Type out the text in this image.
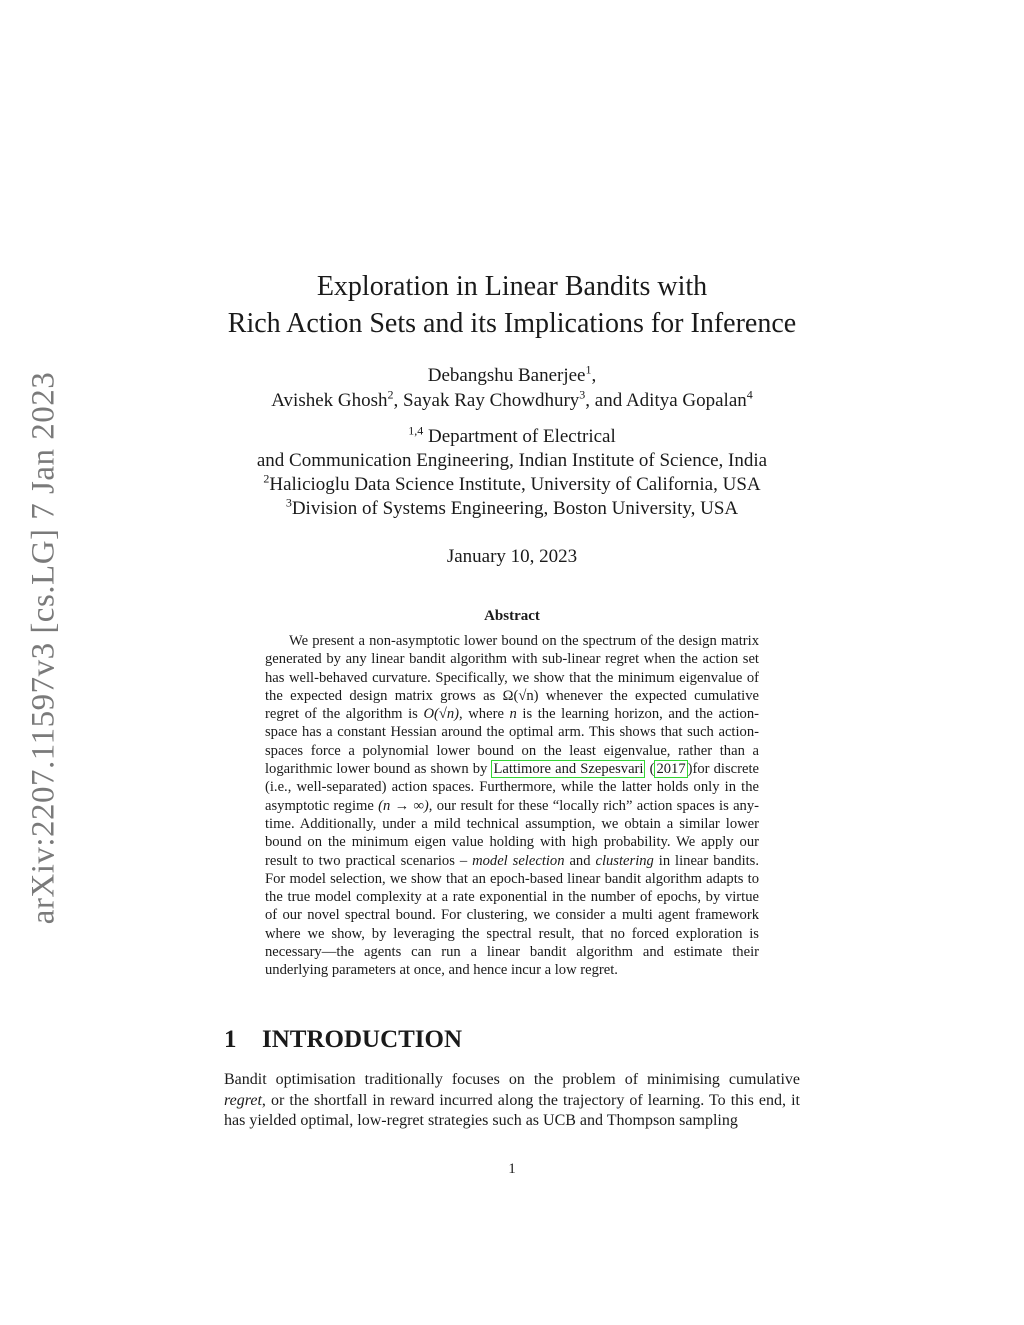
arXiv:2207.11597v3 [cs.LG] 7 Jan 2023
Exploration in Linear Bandits with
Rich Action Sets and its Implications for Inference
Debangshu Banerjee$^1$,
Avishek Ghosh$^2$, Sayak Ray Chowdhury$^3$, and Aditya Gopalan$^4$
$^{1,4}$ Department of Electrical
and Communication Engineering, Indian Institute of Science, India
$^2$Halicioglu Data Science Institute, University of California, USA
$^3$Division of Systems Engineering, Boston University, USA
January 10, 2023
Abstract

We present a non-asymptotic lower bound on the spectrum of the design matrix generated by any linear bandit algorithm with sub-linear regret when the action set has well-behaved curvature. Specifically, we show that the minimum eigenvalue of the expected design matrix grows as Ω(√n) whenever the expected cumulative regret of the algorithm is O(√n), where n is the learning horizon, and the action-space has a constant Hessian around the optimal arm. This shows that such action-spaces force a polynomial lower bound on the least eigenvalue, rather than a logarithmic lower bound as shown by Lattimore and Szepesvari ( 2017 )for discrete (i.e., well-separated) action spaces. Furthermore, while the latter holds only in the asymptotic regime (n → ∞), our result for these “locally rich” action spaces is any-time. Additionally, under a mild technical assumption, we obtain a similar lower bound on the minimum eigen value holding with high probability. We apply our result to two practical scenarios – model selection and clustering in linear bandits. For model selection, we show that an epoch-based linear bandit algorithm adapts to the true model complexity at a rate exponential in the number of epochs, by virtue of our novel spectral bound. For clustering, we consider a multi agent framework where we show, by leveraging the spectral result, that no forced exploration is necessary—the agents can run a linear bandit algorithm and estimate their underlying parameters at once, and hence incur a low regret.

1 INTRODUCTION

Bandit optimisation traditionally focuses on the problem of minimising cumulative regret, or the shortfall in reward incurred along the trajectory of learning. To this end, it has yielded optimal, low-regret strategies such as UCB and Thompson sampling

1
